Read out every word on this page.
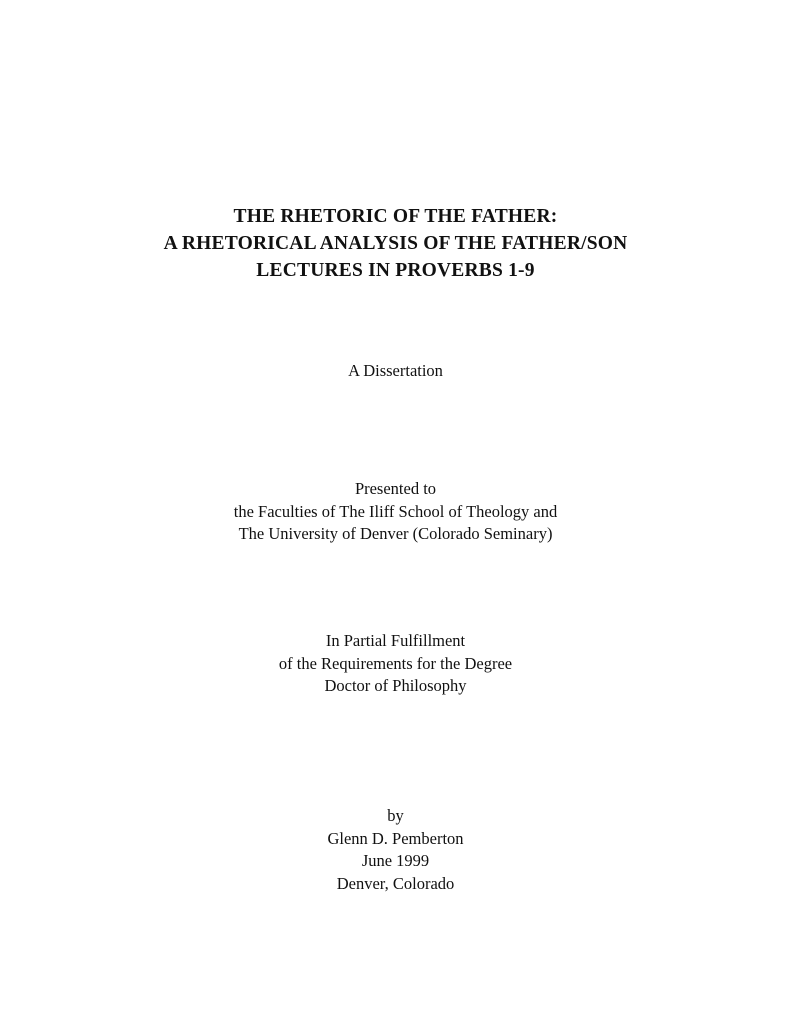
THE RHETORIC OF THE FATHER:
A RHETORICAL ANALYSIS OF THE FATHER/SON
LECTURES IN PROVERBS 1-9
A Dissertation
Presented to
the Faculties of The Iliff School of Theology and
The University of Denver (Colorado Seminary)
In Partial Fulfillment
of the Requirements for the Degree
Doctor of Philosophy
by
Glenn D. Pemberton
June 1999
Denver, Colorado
